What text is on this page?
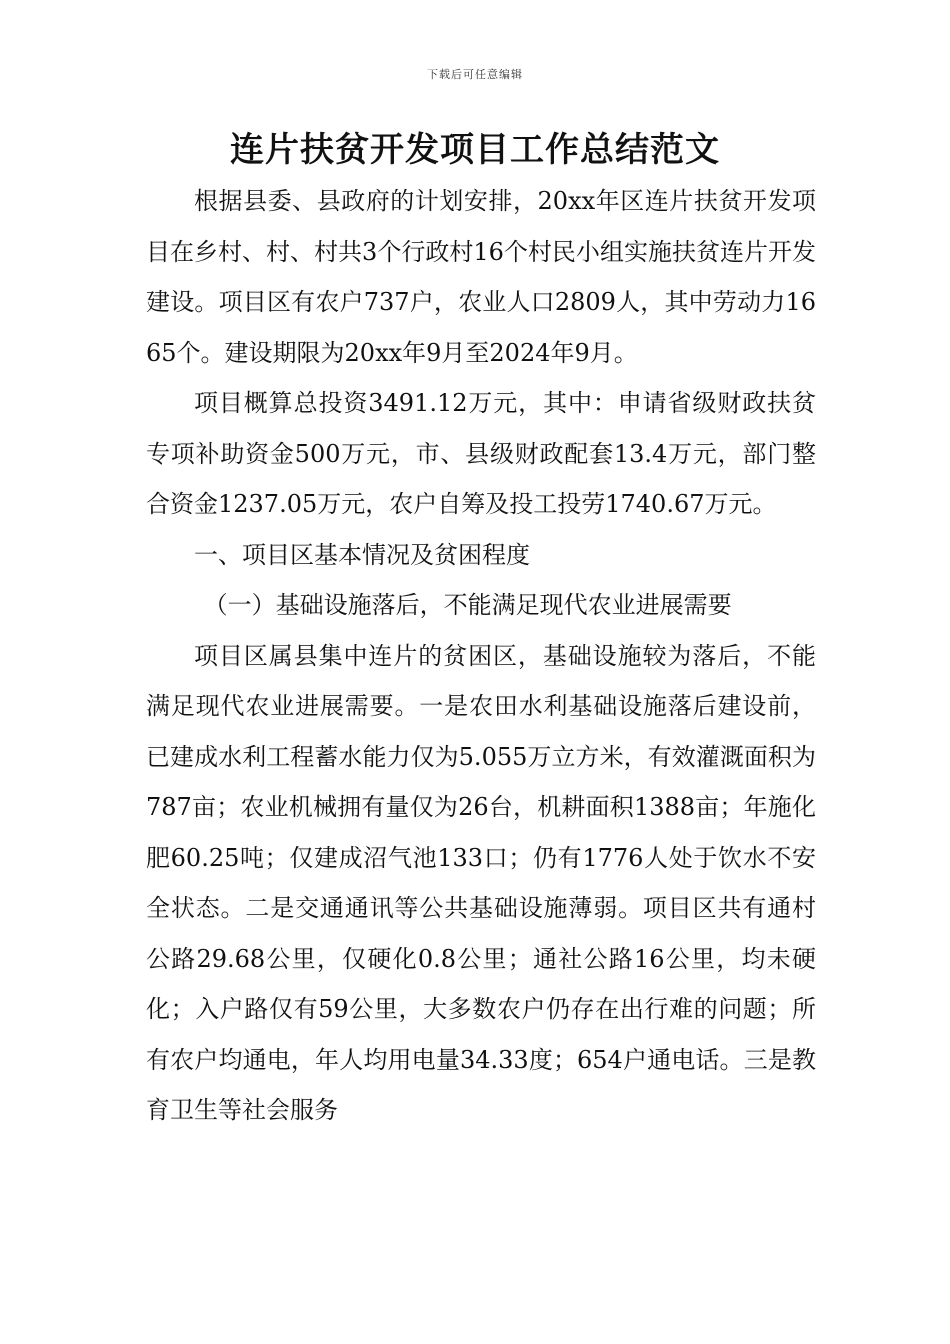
下载后可任意编辑
连片扶贫开发项目工作总结范文

根据县委、县政府的计划安排，20xx年区连片扶贫开发项目在乡村、村、村共3个行政村16个村民小组实施扶贫连片开发建设。项目区有农户737户，农业人口2809人，其中劳动力1665个。建设期限为20xx年9月至2024年9月。

项目概算总投资3491.12万元，其中：申请省级财政扶贫专项补助资金500万元，市、县级财政配套13.4万元，部门整合资金1237.05万元，农户自筹及投工投劳1740.67万元。

一、项目区基本情况及贫困程度

（一）基础设施落后，不能满足现代农业进展需要

项目区属县集中连片的贫困区，基础设施较为落后，不能满足现代农业进展需要。一是农田水利基础设施落后建设前，已建成水利工程蓄水能力仅为5.055万立方米，有效灌溉面积为787亩；农业机械拥有量仅为26台，机耕面积1388亩；年施化肥60.25吨；仅建成沼气池133口；仍有1776人处于饮水不安全状态。二是交通通讯等公共基础设施薄弱。项目区共有通村公路29.68公里，仅硬化0.8公里；通社公路16公里，均未硬化；入户路仅有59公里，大多数农户仍存在出行难的问题；所有农户均通电，年人均用电量34.33度；654户通电话。三是教育卫生等社会服务
